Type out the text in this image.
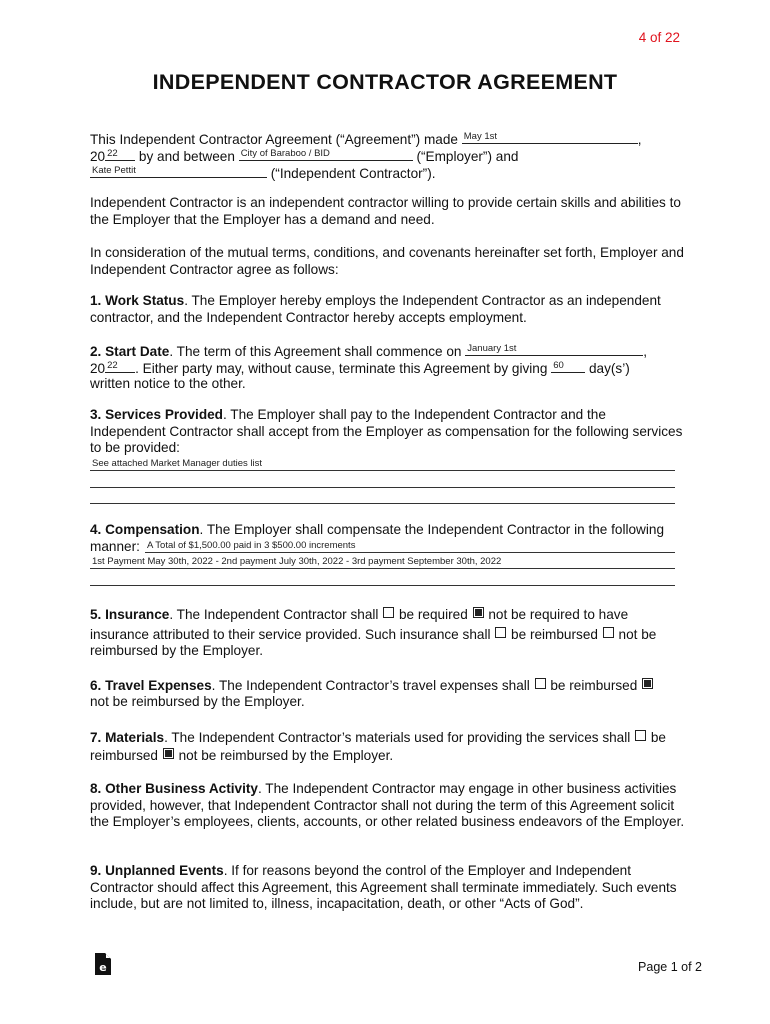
4 of 22
INDEPENDENT CONTRACTOR AGREEMENT
This Independent Contractor Agreement (“Agreement”) made May 1st	,
20 22 by and between City of Baraboo / BID	(“Employer”) and
Kate Pettit	(“Independent Contractor”).
Independent Contractor is an independent contractor willing to provide certain skills and abilities to the Employer that the Employer has a demand and need.
In consideration of the mutual terms, conditions, and covenants hereinafter set forth, Employer and Independent Contractor agree as follows:
1. Work Status. The Employer hereby employs the Independent Contractor as an independent contractor, and the Independent Contractor hereby accepts employment.
2. Start Date. The term of this Agreement shall commence on January 1st	,
20 22 . Either party may, without cause, terminate this Agreement by giving 60 day(s’)
written notice to the other.
3. Services Provided. The Employer shall pay to the Independent Contractor and the Independent Contractor shall accept from the Employer as compensation for the following services to be provided:
See attached Market Manager duties list
4. Compensation. The Employer shall compensate the Independent Contractor in the following
manner: A Total of $1,500.00 paid in 3 $500.00 increments
1st Payment May 30th, 2022 - 2nd payment July 30th, 2022 - 3rd payment September 30th, 2022
5. Insurance. The Independent Contractor shall be required not be required to have
insurance attributed to their service provided. Such insurance shall be reimbursed not be
reimbursed by the Employer.
6. Travel Expenses. The Independent Contractor’s travel expenses shall be reimbursed
not be reimbursed by the Employer.
7. Materials. The Independent Contractor’s materials used for providing the services shall be
reimbursed not be reimbursed by the Employer.
8. Other Business Activity. The Independent Contractor may engage in other business activities provided, however, that Independent Contractor shall not during the term of this Agreement solicit the Employer’s employees, clients, accounts, or other related business endeavors of the Employer.
9. Unplanned Events. If for reasons beyond the control of the Employer and Independent Contractor should affect this Agreement, this Agreement shall terminate immediately. Such events include, but are not limited to, illness, incapacitation, death, or other “Acts of God”.
e	Page 1 of 2
